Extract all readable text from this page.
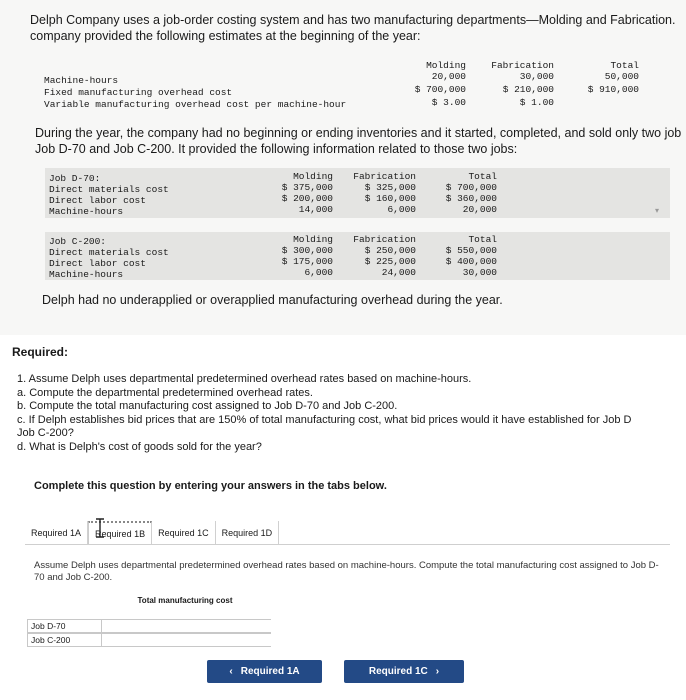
Delph Company uses a job-order costing system and has two manufacturing departments—Molding and Fabrication.
company provided the following estimates at the beginning of the year:
Molding	Fabrication	Total
Machine-hours	20,000	30,000	50,000
Fixed manufacturing overhead cost	$ 700,000	$ 210,000	$ 910,000
Variable manufacturing overhead cost per machine-hour	$ 3.00	$ 1.00
During the year, the company had no beginning or ending inventories and it started, completed, and sold only two job
Job D-70 and Job C-200. It provided the following information related to those two jobs:
Job D-70:	Molding	Fabrication	Total
Direct materials cost	$ 375,000	$ 325,000	$ 700,000
Direct labor cost	$ 200,000	$ 160,000	$ 360,000
Machine-hours	14,000	6,000	20,000	▾
Job C-200:	Molding	Fabrication	Total
Direct materials cost	$ 300,000	$ 250,000	$ 550,000
Direct labor cost	$ 175,000	$ 225,000	$ 400,000
Machine-hours	6,000	24,000	30,000
Delph had no underapplied or overapplied manufacturing overhead during the year.
Required:
1. Assume Delph uses departmental predetermined overhead rates based on machine-hours.
a. Compute the departmental predetermined overhead rates.
b. Compute the total manufacturing cost assigned to Job D-70 and Job C-200.
c. If Delph establishes bid prices that are 150% of total manufacturing cost, what bid prices would it have established for Job D
Job C-200?
d. What is Delph's cost of goods sold for the year?
Complete this question by entering your answers in the tabs below.
Required 1A	Required 1B	Required 1C	Required 1D
Assume Delph uses departmental predetermined overhead rates based on machine-hours. Compute the total manufacturing cost assigned to Job D-70 and Job C-200.
Total manufacturing cost
Job D-70
Job C-200
‹ Required 1A	Required 1C ›
